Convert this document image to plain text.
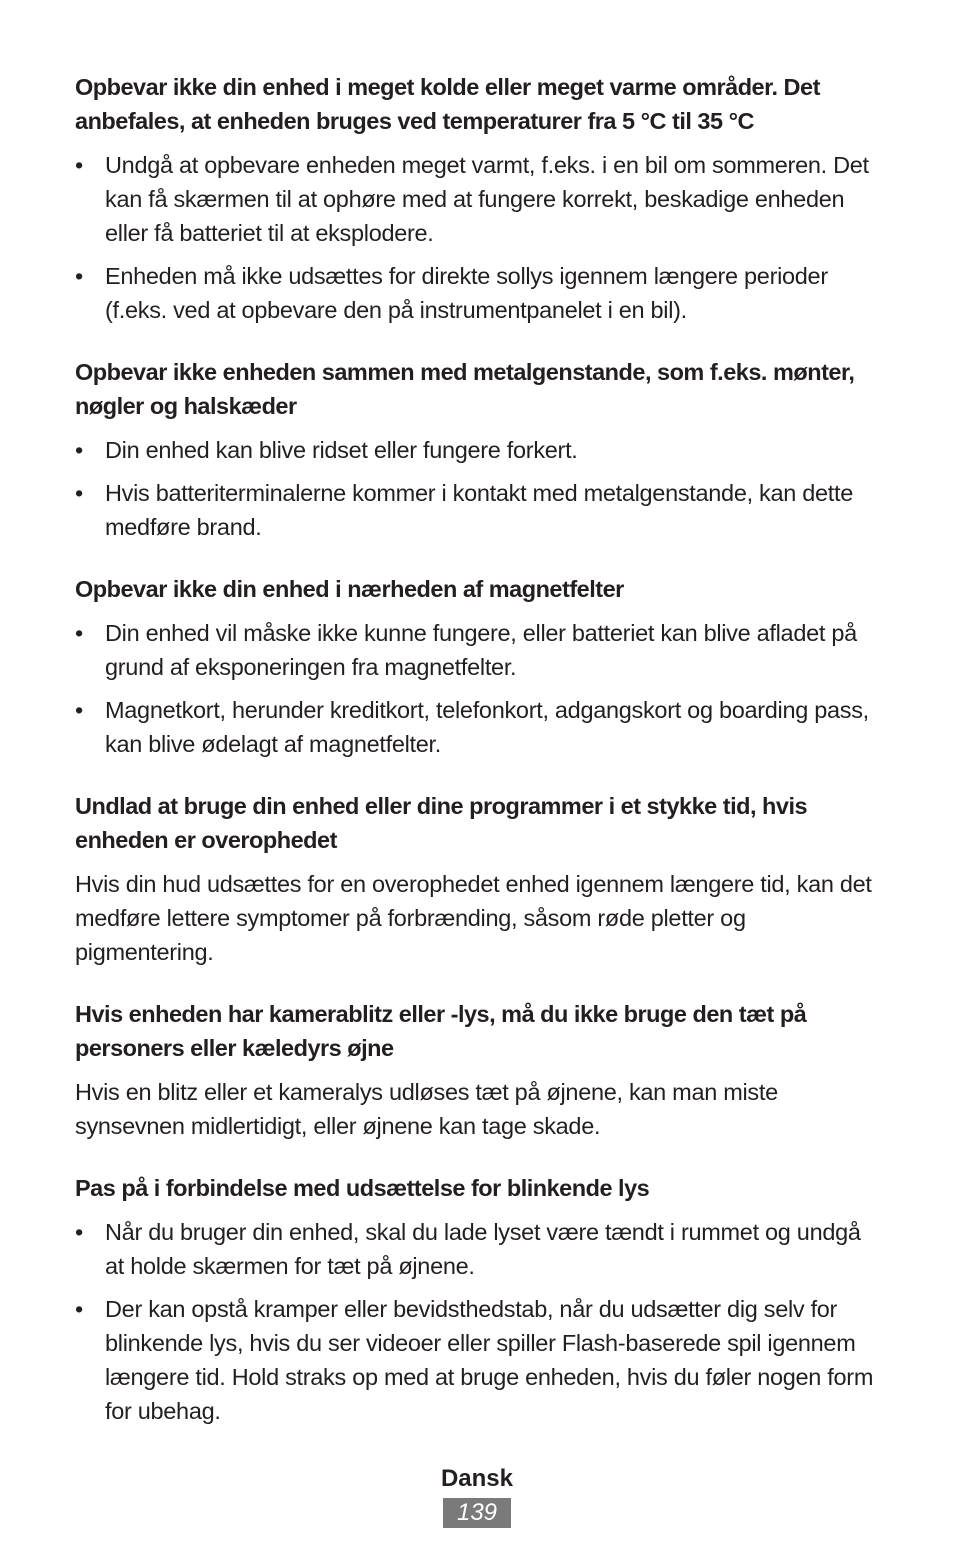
Opbevar ikke din enhed i meget kolde eller meget varme områder. Det anbefales, at enheden bruges ved temperaturer fra 5 °C til 35 °C
• Undgå at opbevare enheden meget varmt, f.eks. i en bil om sommeren. Det kan få skærmen til at ophøre med at fungere korrekt, beskadige enheden eller få batteriet til at eksplodere.
• Enheden må ikke udsættes for direkte sollys igennem længere perioder (f.eks. ved at opbevare den på instrumentpanelet i en bil).
Opbevar ikke enheden sammen med metalgenstande, som f.eks. mønter, nøgler og halskæder
• Din enhed kan blive ridset eller fungere forkert.
• Hvis batteriterminalerne kommer i kontakt med metalgenstande, kan dette medføre brand.
Opbevar ikke din enhed i nærheden af magnetfelter
• Din enhed vil måske ikke kunne fungere, eller batteriet kan blive afladet på grund af eksponeringen fra magnetfelter.
• Magnetkort, herunder kreditkort, telefonkort, adgangskort og boarding pass, kan blive ødelagt af magnetfelter.
Undlad at bruge din enhed eller dine programmer i et stykke tid, hvis enheden er overophedet

Hvis din hud udsættes for en overophedet enhed igennem længere tid, kan det medføre lettere symptomer på forbrænding, såsom røde pletter og pigmentering.

Hvis enheden har kamerablitz eller -lys, må du ikke bruge den tæt på personers eller kæledyrs øjne

Hvis en blitz eller et kameralys udløses tæt på øjnene, kan man miste synsevnen midlertidigt, eller øjnene kan tage skade.

Pas på i forbindelse med udsættelse for blinkende lys
• Når du bruger din enhed, skal du lade lyset være tændt i rummet og undgå at holde skærmen for tæt på øjnene.
• Der kan opstå kramper eller bevidsthedstab, når du udsætter dig selv for blinkende lys, hvis du ser videoer eller spiller Flash-baserede spil igennem længere tid. Hold straks op med at bruge enheden, hvis du føler nogen form for ubehag.
Dansk
139
